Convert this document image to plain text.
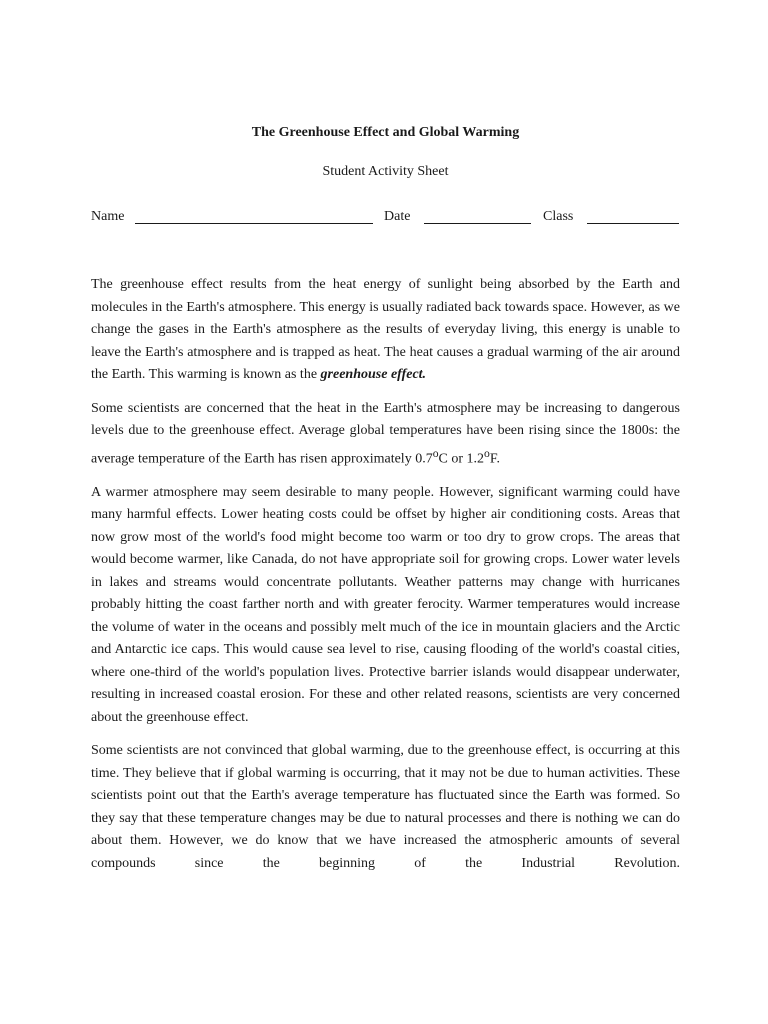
The Greenhouse Effect and Global Warming
Student Activity Sheet
Name	Date	Class

The greenhouse effect results from the heat energy of sunlight being absorbed by the Earth and molecules in the Earth's atmosphere. This energy is usually radiated back towards space. However, as we change the gases in the Earth's atmosphere as the results of everyday living, this energy is unable to leave the Earth's atmosphere and is trapped as heat. The heat causes a gradual warming of the air around the Earth. This warming is known as the greenhouse effect.

Some scientists are concerned that the heat in the Earth's atmosphere may be increasing to dangerous levels due to the greenhouse effect. Average global temperatures have been rising since the 1800s: the average temperature of the Earth has risen approximately 0.7$^o$C or 1.2$^o$F.

A warmer atmosphere may seem desirable to many people. However, significant warming could have many harmful effects. Lower heating costs could be offset by higher air conditioning costs. Areas that now grow most of the world's food might become too warm or too dry to grow crops. The areas that would become warmer, like Canada, do not have appropriate soil for growing crops. Lower water levels in lakes and streams would concentrate pollutants. Weather patterns may change with hurricanes probably hitting the coast farther north and with greater ferocity. Warmer temperatures would increase the volume of water in the oceans and possibly melt much of the ice in mountain glaciers and the Arctic and Antarctic ice caps. This would cause sea level to rise, causing flooding of the world's coastal cities, where one-third of the world's population lives. Protective barrier islands would disappear underwater, resulting in increased coastal erosion. For these and other related reasons, scientists are very concerned about the greenhouse effect.

Some scientists are not convinced that global warming, due to the greenhouse effect, is occurring at this time. They believe that if global warming is occurring, that it may not be due to human activities. These scientists point out that the Earth's average temperature has fluctuated since the Earth was formed. So they say that these temperature changes may be due to natural processes and there is nothing we can do about them. However, we do know that we have increased the atmospheric amounts of several compounds since the beginning of the Industrial Revolution.
